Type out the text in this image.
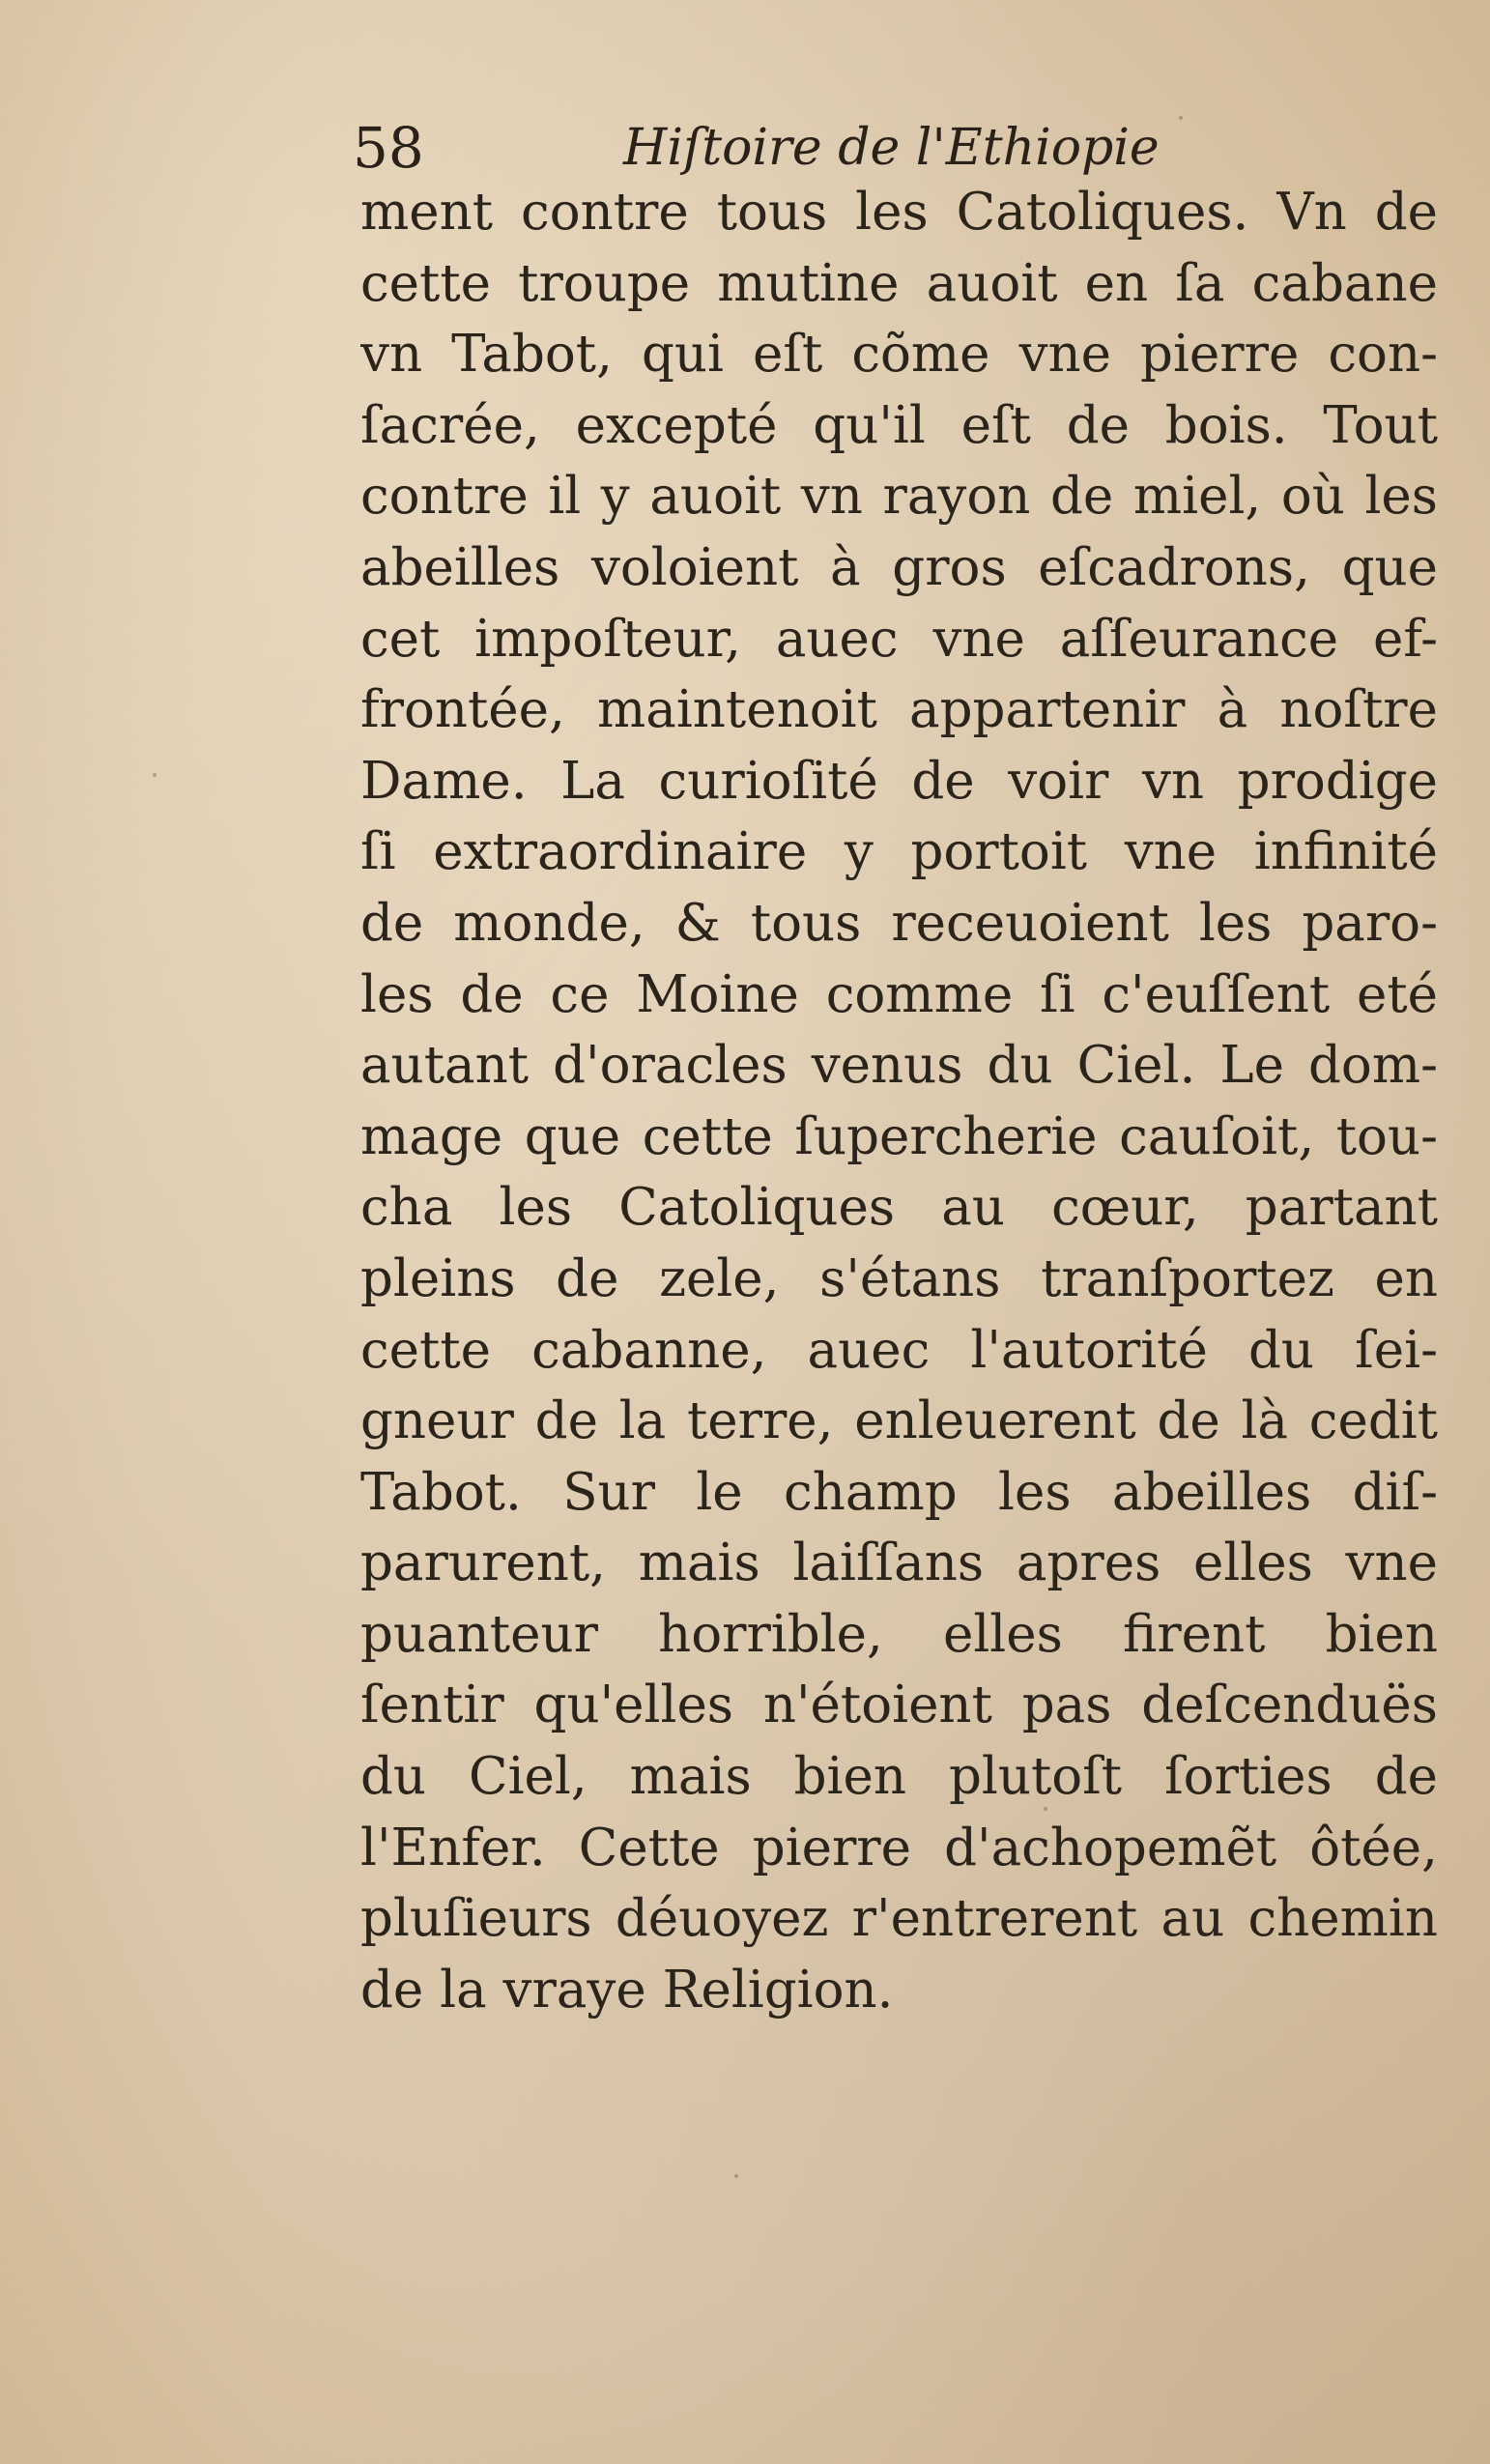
58	Hiſtoire de l'Ethiopie
ment contre tous les Catoliques. Vn de
cette troupe mutine auoit en ſa cabane
vn Tabot, qui eſt cõme vne pierre con-
ſacrée, excepté qu'il eſt de bois. Tout
contre il y auoit vn rayon de miel, où les
abeilles voloient à gros eſcadrons, que
cet impoſteur, auec vne aſſeurance ef-
frontée, maintenoit appartenir à noſtre
Dame. La curioſité de voir vn prodige
ſi extraordinaire y portoit vne infinité
de monde, & tous receuoient les paro-
les de ce Moine comme ſi c'euſſent eté
autant d'oracles venus du Ciel. Le dom-
mage que cette ſupercherie cauſoit, tou-
cha les Catoliques au cœur, partant
pleins de zele, s'étans tranſportez en
cette cabanne, auec l'autorité du ſei-
gneur de la terre, enleuerent de là cedit
Tabot. Sur le champ les abeilles diſ-
parurent, mais laiſſans apres elles vne
puanteur horrible, elles firent bien
ſentir qu'elles n'étoient pas deſcenduës
du Ciel, mais bien plutoſt ſorties de
l'Enfer. Cette pierre d'achopemẽt ôtée,
pluſieurs déuoyez r'entrerent au chemin
de la vraye Religion.
